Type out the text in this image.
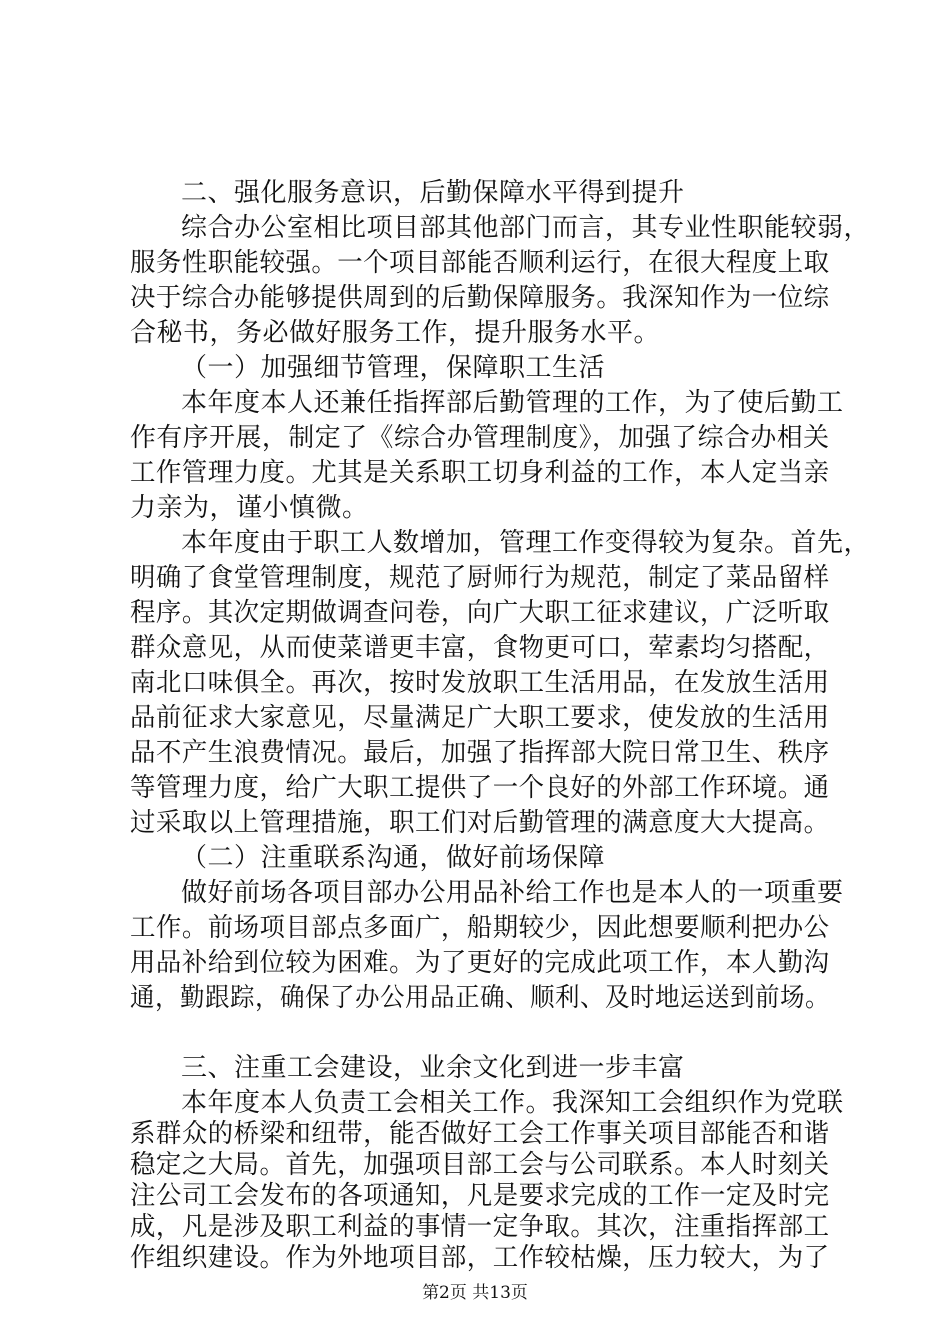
二、强化服务意识，后勤保障水平得到提升
综合办公室相比项目部其他部门而言，其专业性职能较弱，
服务性职能较强。一个项目部能否顺利运行，在很大程度上取
决于综合办能够提供周到的后勤保障服务。我深知作为一位综
合秘书，务必做好服务工作，提升服务水平。
（一）加强细节管理，保障职工生活
本年度本人还兼任指挥部后勤管理的工作，为了使后勤工
作有序开展，制定了《综合办管理制度》，加强了综合办相关
工作管理力度。尤其是关系职工切身利益的工作，本人定当亲
力亲为，谨小慎微。
本年度由于职工人数增加，管理工作变得较为复杂。首先，
明确了食堂管理制度，规范了厨师行为规范，制定了菜品留样
程序。其次定期做调查问卷，向广大职工征求建议，广泛听取
群众意见，从而使菜谱更丰富，食物更可口，荤素均匀搭配，
南北口味俱全。再次，按时发放职工生活用品，在发放生活用
品前征求大家意见，尽量满足广大职工要求，使发放的生活用
品不产生浪费情况。最后，加强了指挥部大院日常卫生、秩序
等管理力度，给广大职工提供了一个良好的外部工作环境。通
过采取以上管理措施，职工们对后勤管理的满意度大大提高。
（二）注重联系沟通，做好前场保障
做好前场各项目部办公用品补给工作也是本人的一项重要
工作。前场项目部点多面广，船期较少，因此想要顺利把办公
用品补给到位较为困难。为了更好的完成此项工作，本人勤沟
通，勤跟踪，确保了办公用品正确、顺利、及时地运送到前场。
三、注重工会建设，业余文化到进一步丰富
本年度本人负责工会相关工作。我深知工会组织作为党联
系群众的桥梁和纽带，能否做好工会工作事关项目部能否和谐
稳定之大局。首先，加强项目部工会与公司联系。本人时刻关
注公司工会发布的各项通知，凡是要求完成的工作一定及时完
成，凡是涉及职工利益的事情一定争取。其次，注重指挥部工
作组织建设。作为外地项目部，工作较枯燥，压力较大，为了
第2页 共13页
